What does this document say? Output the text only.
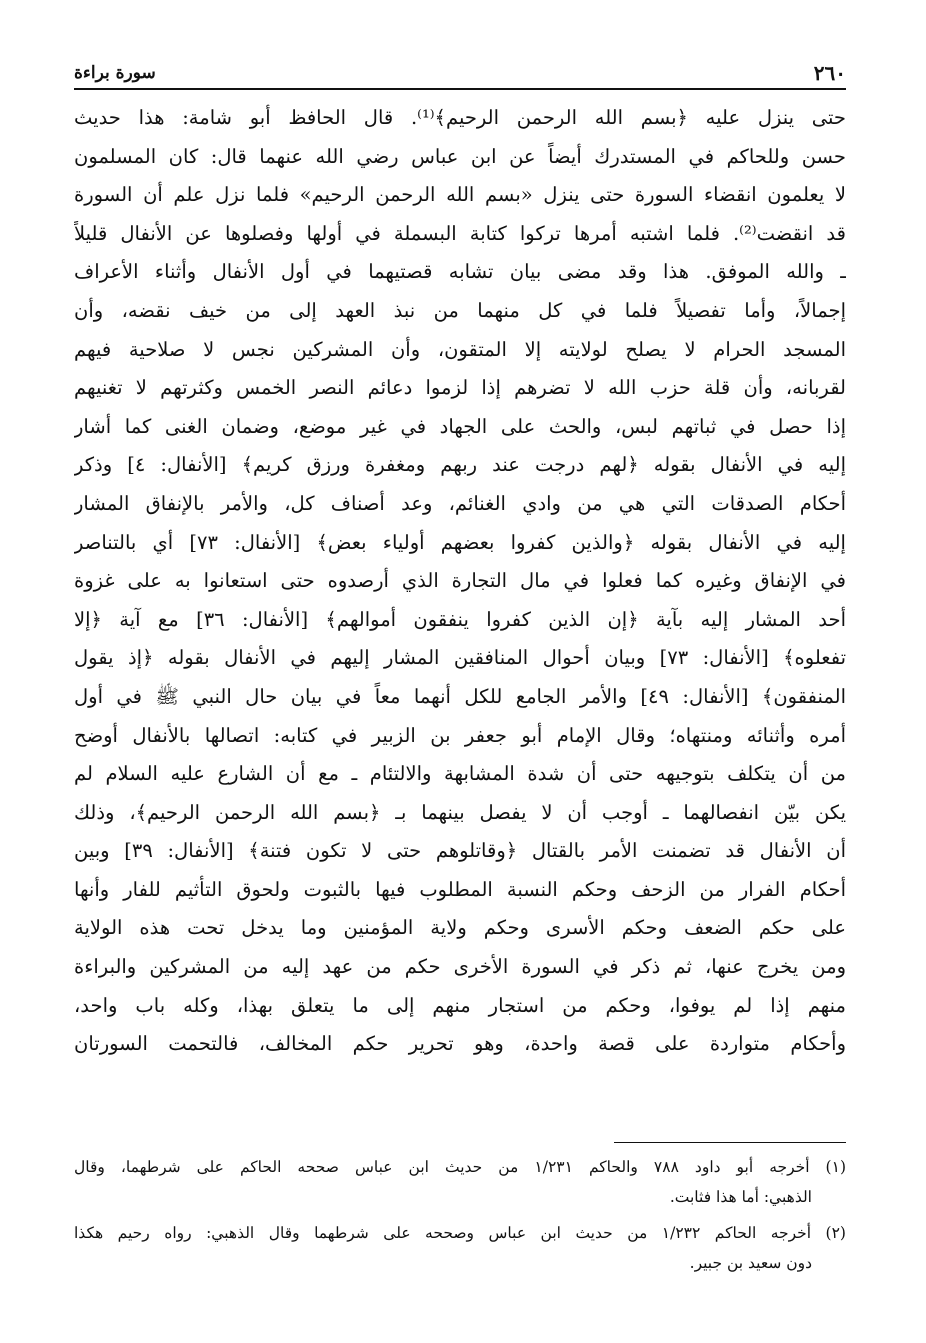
٢٦٠
سورة براءة
حتى ينزل عليه ﴿بسم الله الرحمن الرحيم﴾⁽¹⁾. قال الحافظ أبو شامة: هذا حديث
حسن وللحاكم في المستدرك أيضاً عن ابن عباس رضي الله عنهما قال: كان المسلمون
لا يعلمون انقضاء السورة حتى ينزل «بسم الله الرحمن الرحيم» فلما نزل علم أن السورة
قد انقضت⁽²⁾. فلما اشتبه أمرها تركوا كتابة البسملة في أولها وفصلوها عن الأنفال قليلاً
ـ والله الموفق. هذا وقد مضى بيان تشابه قصتيهما في أول الأنفال وأثناء الأعراف
إجمالاً، وأما تفصيلاً فلما في كل منهما من نبذ العهد إلى من خيف نقضه، وأن
المسجد الحرام لا يصلح لولايته إلا المتقون، وأن المشركين نجس لا صلاحية فيهم
لقربانه، وأن قلة حزب الله لا تضرهم إذا لزموا دعائم النصر الخمس وكثرتهم لا تغنيهم
إذا حصل في ثباتهم لبس، والحث على الجهاد في غير موضع، وضمان الغنى كما أشار
إليه في الأنفال بقوله ﴿لهم درجت عند ربهم ومغفرة ورزق كريم﴾ [الأنفال: ٤] وذكر
أحكام الصدقات التي هي من وادي الغنائم، وعد أصناف كل، والأمر بالإنفاق المشار
إليه في الأنفال بقوله ﴿والذين كفروا بعضهم أولياء بعض﴾ [الأنفال: ٧٣] أي بالتناصر
في الإنفاق وغيره كما فعلوا في مال التجارة الذي أرصدوه حتى استعانوا به على غزوة
أحد المشار إليه بآية ﴿إن الذين كفروا ينفقون أموالهم﴾ [الأنفال: ٣٦] مع آية ﴿إلا
تفعلوه﴾ [الأنفال: ٧٣] وبيان أحوال المنافقين المشار إليهم في الأنفال بقوله ﴿إذ يقول
المنفقون﴾ [الأنفال: ٤٩] والأمر الجامع للكل أنهما معاً في بيان حال النبي ﷺ في أول
أمره وأثنائه ومنتهاه؛ وقال الإمام أبو جعفر بن الزبير في كتابه: اتصالها بالأنفال أوضح
من أن يتكلف بتوجيهه حتى أن شدة المشابهة والالتئام ـ مع أن الشارع عليه السلام لم
يكن بيّن انفصالهما ـ أوجب أن لا يفصل بينهما بـ ﴿بسم الله الرحمن الرحيم﴾، وذلك
أن الأنفال قد تضمنت الأمر بالقتال ﴿وقاتلوهم حتى لا تكون فتنة﴾ [الأنفال: ٣٩] وبين
أحكام الفرار من الزحف وحكم النسبة المطلوب فيها بالثبوت ولحوق التأثيم للفار وأنها
على حكم الضعف وحكم الأسرى وحكم ولاية المؤمنين وما يدخل تحت هذه الولاية
ومن يخرج عنها، ثم ذكر في السورة الأخرى حكم من عهد إليه من المشركين والبراءة
منهم إذا لم يوفوا، وحكم من استجار منهم إلى ما يتعلق بهذا، وكله باب واحد،
وأحكام متواردة على قصة واحدة، وهو تحرير حكم المخالف، فالتحمت السورتان
(١) أخرجه أبو داود ٧٨٨ والحاكم ١/٢٣١ من حديث ابن عباس صححه الحاكم على شرطهما، وقال
الذهبي: أما هذا فثابت.
(٢) أخرجه الحاكم ١/٢٣٢ من حديث ابن عباس وصححه على شرطهما وقال الذهبي: رواه رحيم هكذا
دون سعيد بن جبير.
